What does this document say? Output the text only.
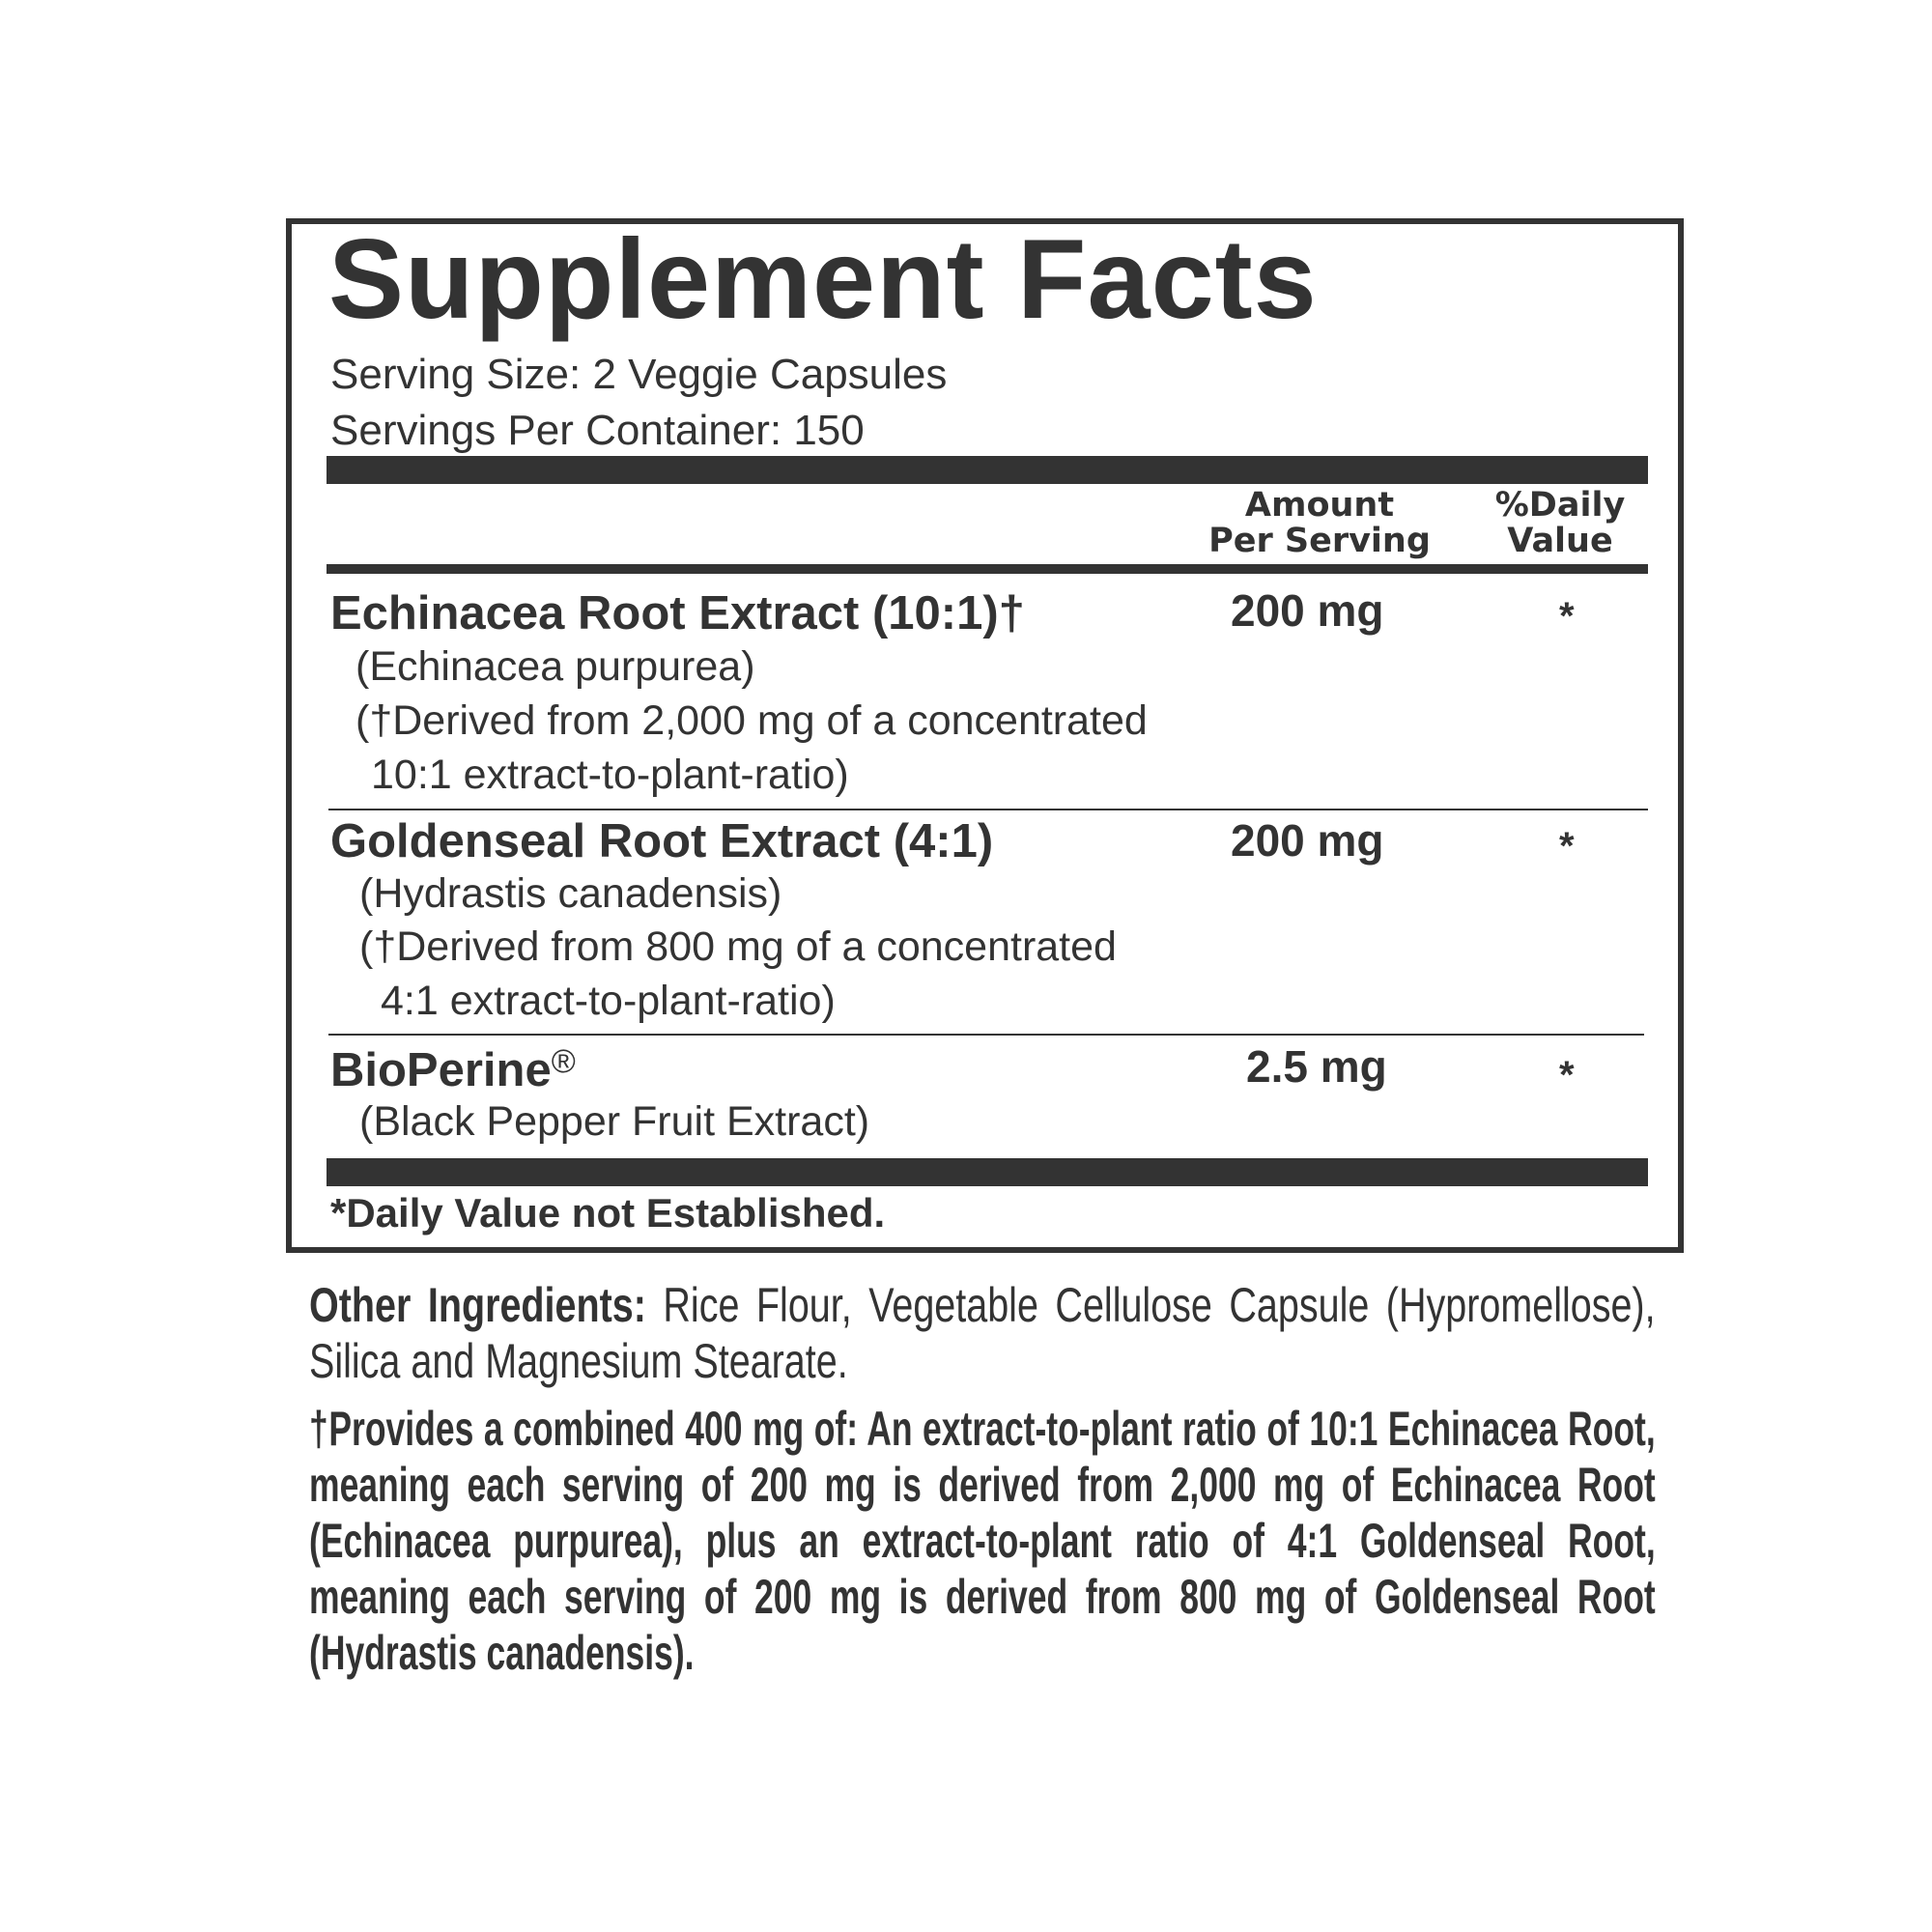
Supplement Facts
Serving Size: 2 Veggie Capsules
Servings Per Container: 150
Amount
Per Serving
%Daily
Value
Echinacea Root Extract (10:1)†	200 mg	*
(Echinacea purpurea)
(†Derived from 2,000 mg of a concentrated
10:1 extract-to-plant-ratio)
Goldenseal Root Extract (4:1)	200 mg	*
(Hydrastis canadensis)
(†Derived from 800 mg of a concentrated
4:1 extract-to-plant-ratio)
BioPerine®	2.5 mg	*
(Black Pepper Fruit Extract)
*Daily Value not Established.

Other Ingredients: Rice Flour, Vegetable Cellulose Capsule (Hypromellose), Silica and Magnesium Stearate.

†Provides a combined 400 mg of: An extract-to-plant ratio of 10:1 Echinacea Root, meaning each serving of 200 mg is derived from 2,000 mg of Echinacea Root (Echinacea purpurea), plus an extract-to-plant ratio of 4:1 Goldenseal Root, meaning each serving of 200 mg is derived from 800 mg of Goldenseal Root (Hydrastis canadensis).
